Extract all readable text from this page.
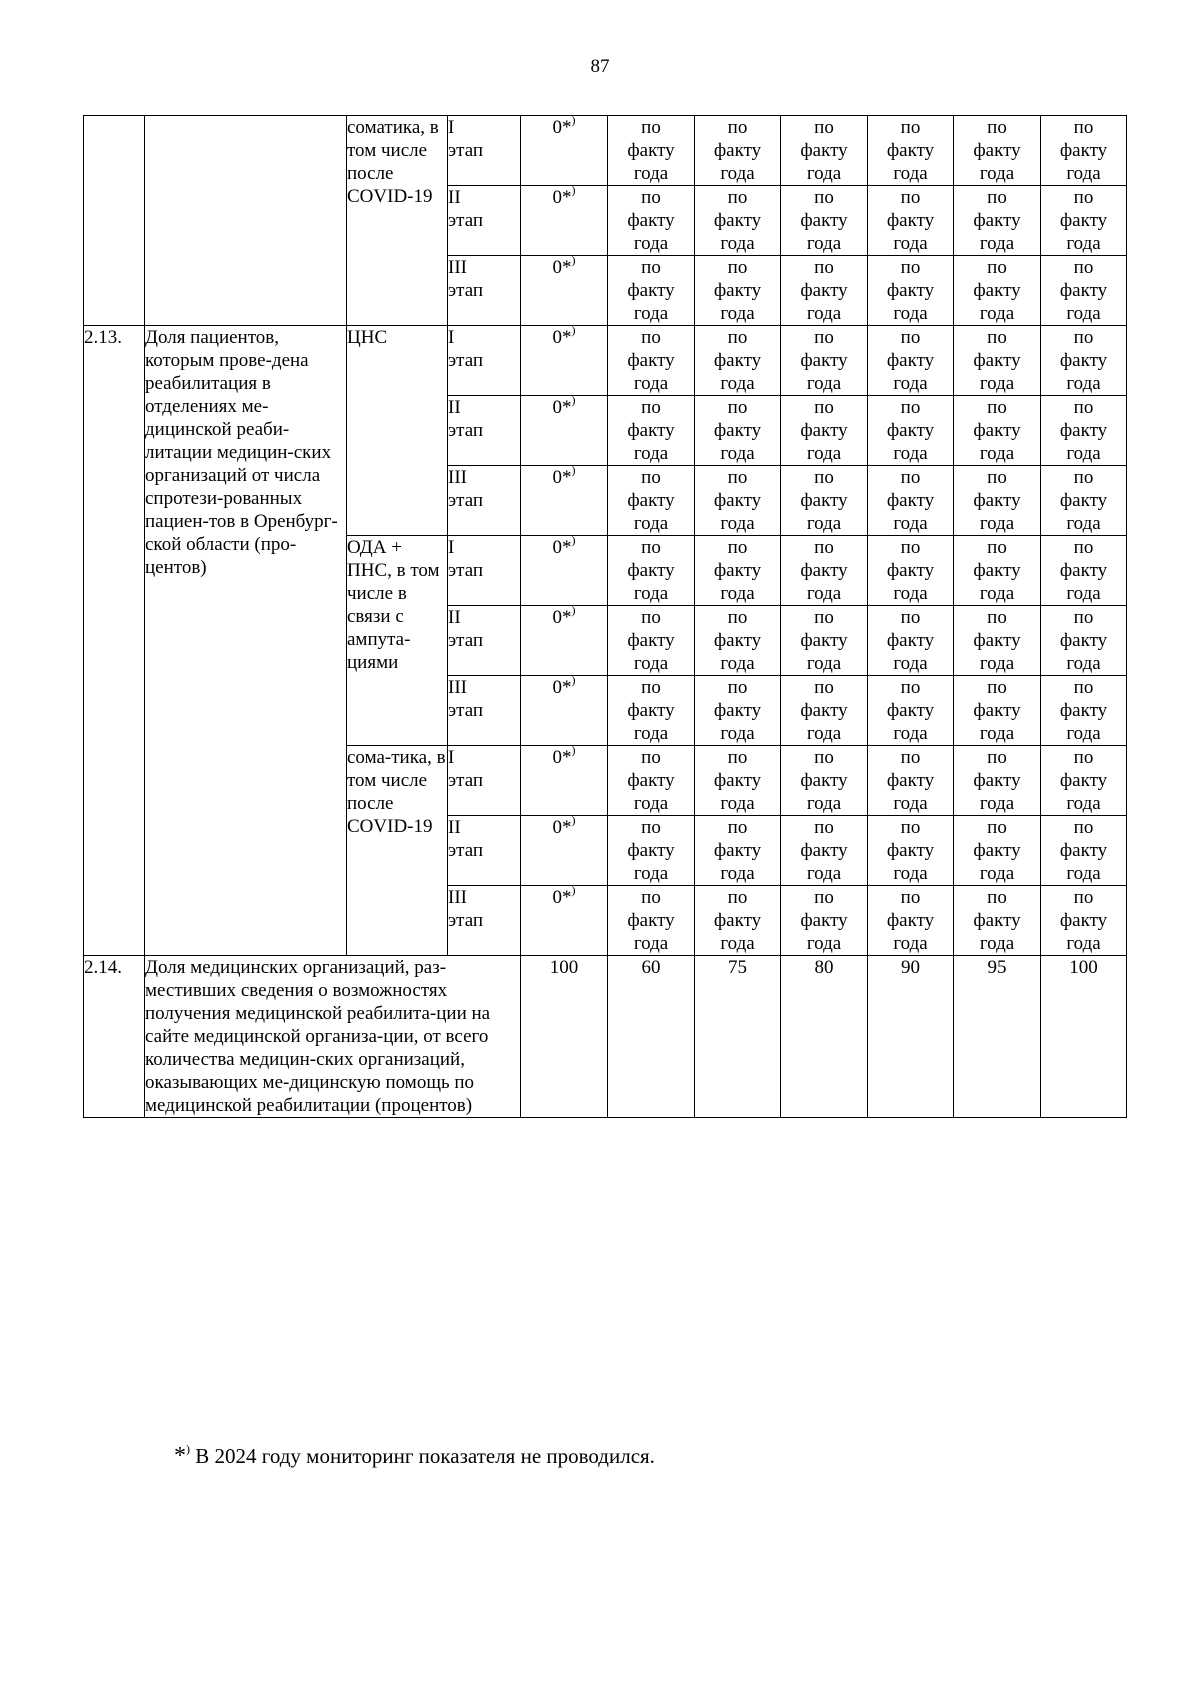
87
		соматика, в том числе после COVID-19	I
этап	0*)	по
факту
года	по
факту
года	по
факту
года	по
факту
года	по
факту
года	по
факту
года
			II
этап	0*)	по
факту
года	по
факту
года	по
факту
года	по
факту
года	по
факту
года	по
факту
года
			III
этап	0*)	по
факту
года	по
факту
года	по
факту
года	по
факту
года	по
факту
года	по
факту
года
2.13.	Доля пациентов, которым прове-дена реабилитация в отделениях ме-дицинской реаби-литации медицин-ских организаций от числа спротези-рованных пациен-тов в Оренбург-ской области (про-центов)	ЦНС	I
этап	0*)	по
факту
года	по
факту
года	по
факту
года	по
факту
года	по
факту
года	по
факту
года
			II
этап	0*)	по
факту
года	по
факту
года	по
факту
года	по
факту
года	по
факту
года	по
факту
года
			III
этап	0*)	по
факту
года	по
факту
года	по
факту
года	по
факту
года	по
факту
года	по
факту
года
		ОДА + ПНС, в том числе в связи с ампута-циями	I
этап	0*)	по
факту
года	по
факту
года	по
факту
года	по
факту
года	по
факту
года	по
факту
года
			II
этап	0*)	по
факту
года	по
факту
года	по
факту
года	по
факту
года	по
факту
года	по
факту
года
			III
этап	0*)	по
факту
года	по
факту
года	по
факту
года	по
факту
года	по
факту
года	по
факту
года
		сома-тика, в том числе после COVID-19	I
этап	0*)	по
факту
года	по
факту
года	по
факту
года	по
факту
года	по
факту
года	по
факту
года
			II
этап	0*)	по
факту
года	по
факту
года	по
факту
года	по
факту
года	по
факту
года	по
факту
года
			III
этап	0*)	по
факту
года	по
факту
года	по
факту
года	по
факту
года	по
факту
года	по
факту
года
2.14.	Доля медицинских организаций, раз-местивших сведения о возможностях получения медицинской реабилита-ции на сайте медицинской организа-ции, от всего количества медицин-ских организаций, оказывающих ме-дицинскую помощь по медицинской реабилитации (процентов)			100	60	75	80	90	95	100
*) В 2024 году мониторинг показателя не проводился.
